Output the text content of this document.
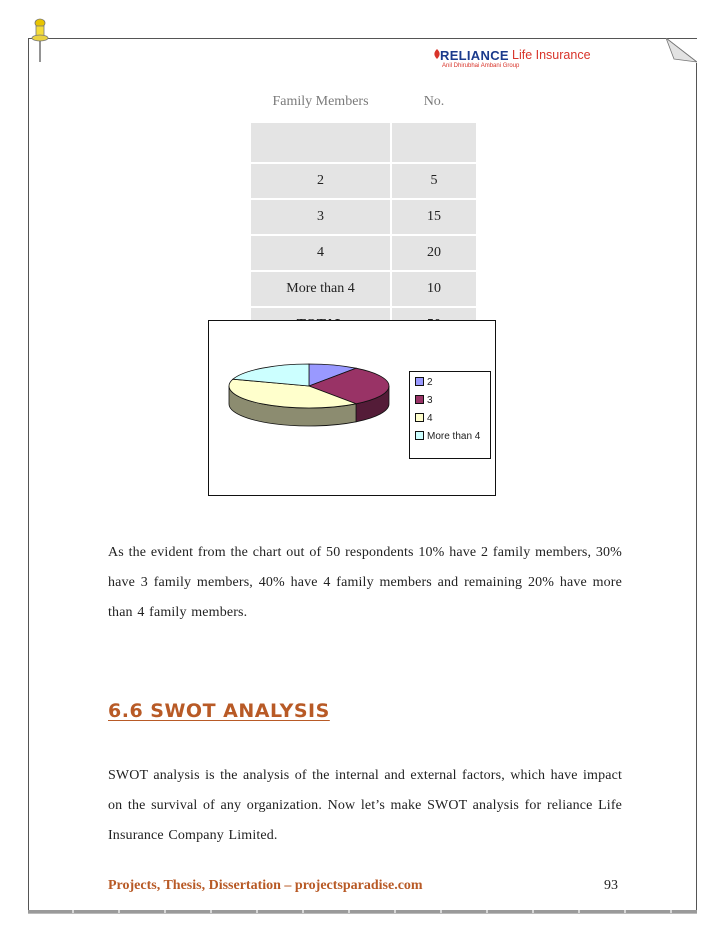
RELIANCE Life Insurance
Anil Dhirubhai Ambani Group
Family Members		No.

2		5
3		15
4		20
More than 4		10

2
3
4
More than 4
As the evident from the chart out of 50 respondents 10% have 2 family members, 30% have 3 family members, 40% have 4 family members and remaining 20% have more than 4 family members.
6.6 SWOT ANALYSIS
SWOT analysis is the analysis of the internal and external factors, which have impact on the survival of any organization. Now let’s make SWOT analysis for reliance Life Insurance Company Limited.
Projects, Thesis, Dissertation – projectsparadise.com	93
